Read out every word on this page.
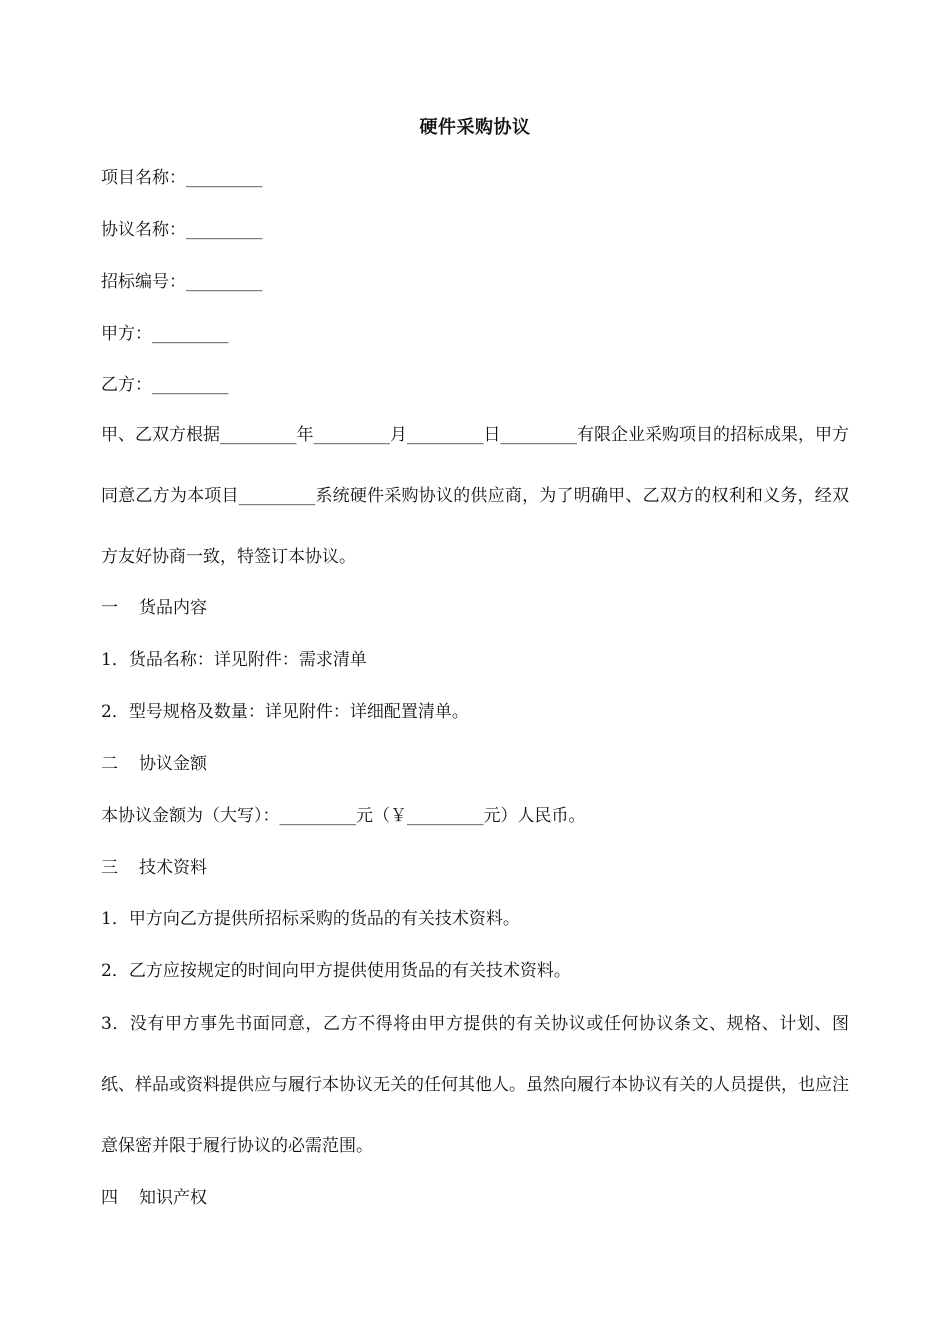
硬件采购协议
项目名称：_________
协议名称：_________
招标编号：_________
甲方：_________
乙方：_________
甲、乙双方根据_________年_________月_________日_________有限企业采购项目的招标成果，甲方同意乙方为本项目_________系统硬件采购协议的供应商，为了明确甲、乙双方的权利和义务，经双方友好协商一致，特签订本协议。
一 货品内容
1．货品名称：详见附件：需求清单
2．型号规格及数量：详见附件：详细配置清单。
二 协议金额
本协议金额为（大写）：_________元（￥_________元）人民币。
三 技术资料
1．甲方向乙方提供所招标采购的货品的有关技术资料。
2．乙方应按规定的时间向甲方提供使用货品的有关技术资料。
3．没有甲方事先书面同意，乙方不得将由甲方提供的有关协议或任何协议条文、规格、计划、图纸、样品或资料提供应与履行本协议无关的任何其他人。虽然向履行本协议有关的人员提供，也应注意保密并限于履行协议的必需范围。
四 知识产权
